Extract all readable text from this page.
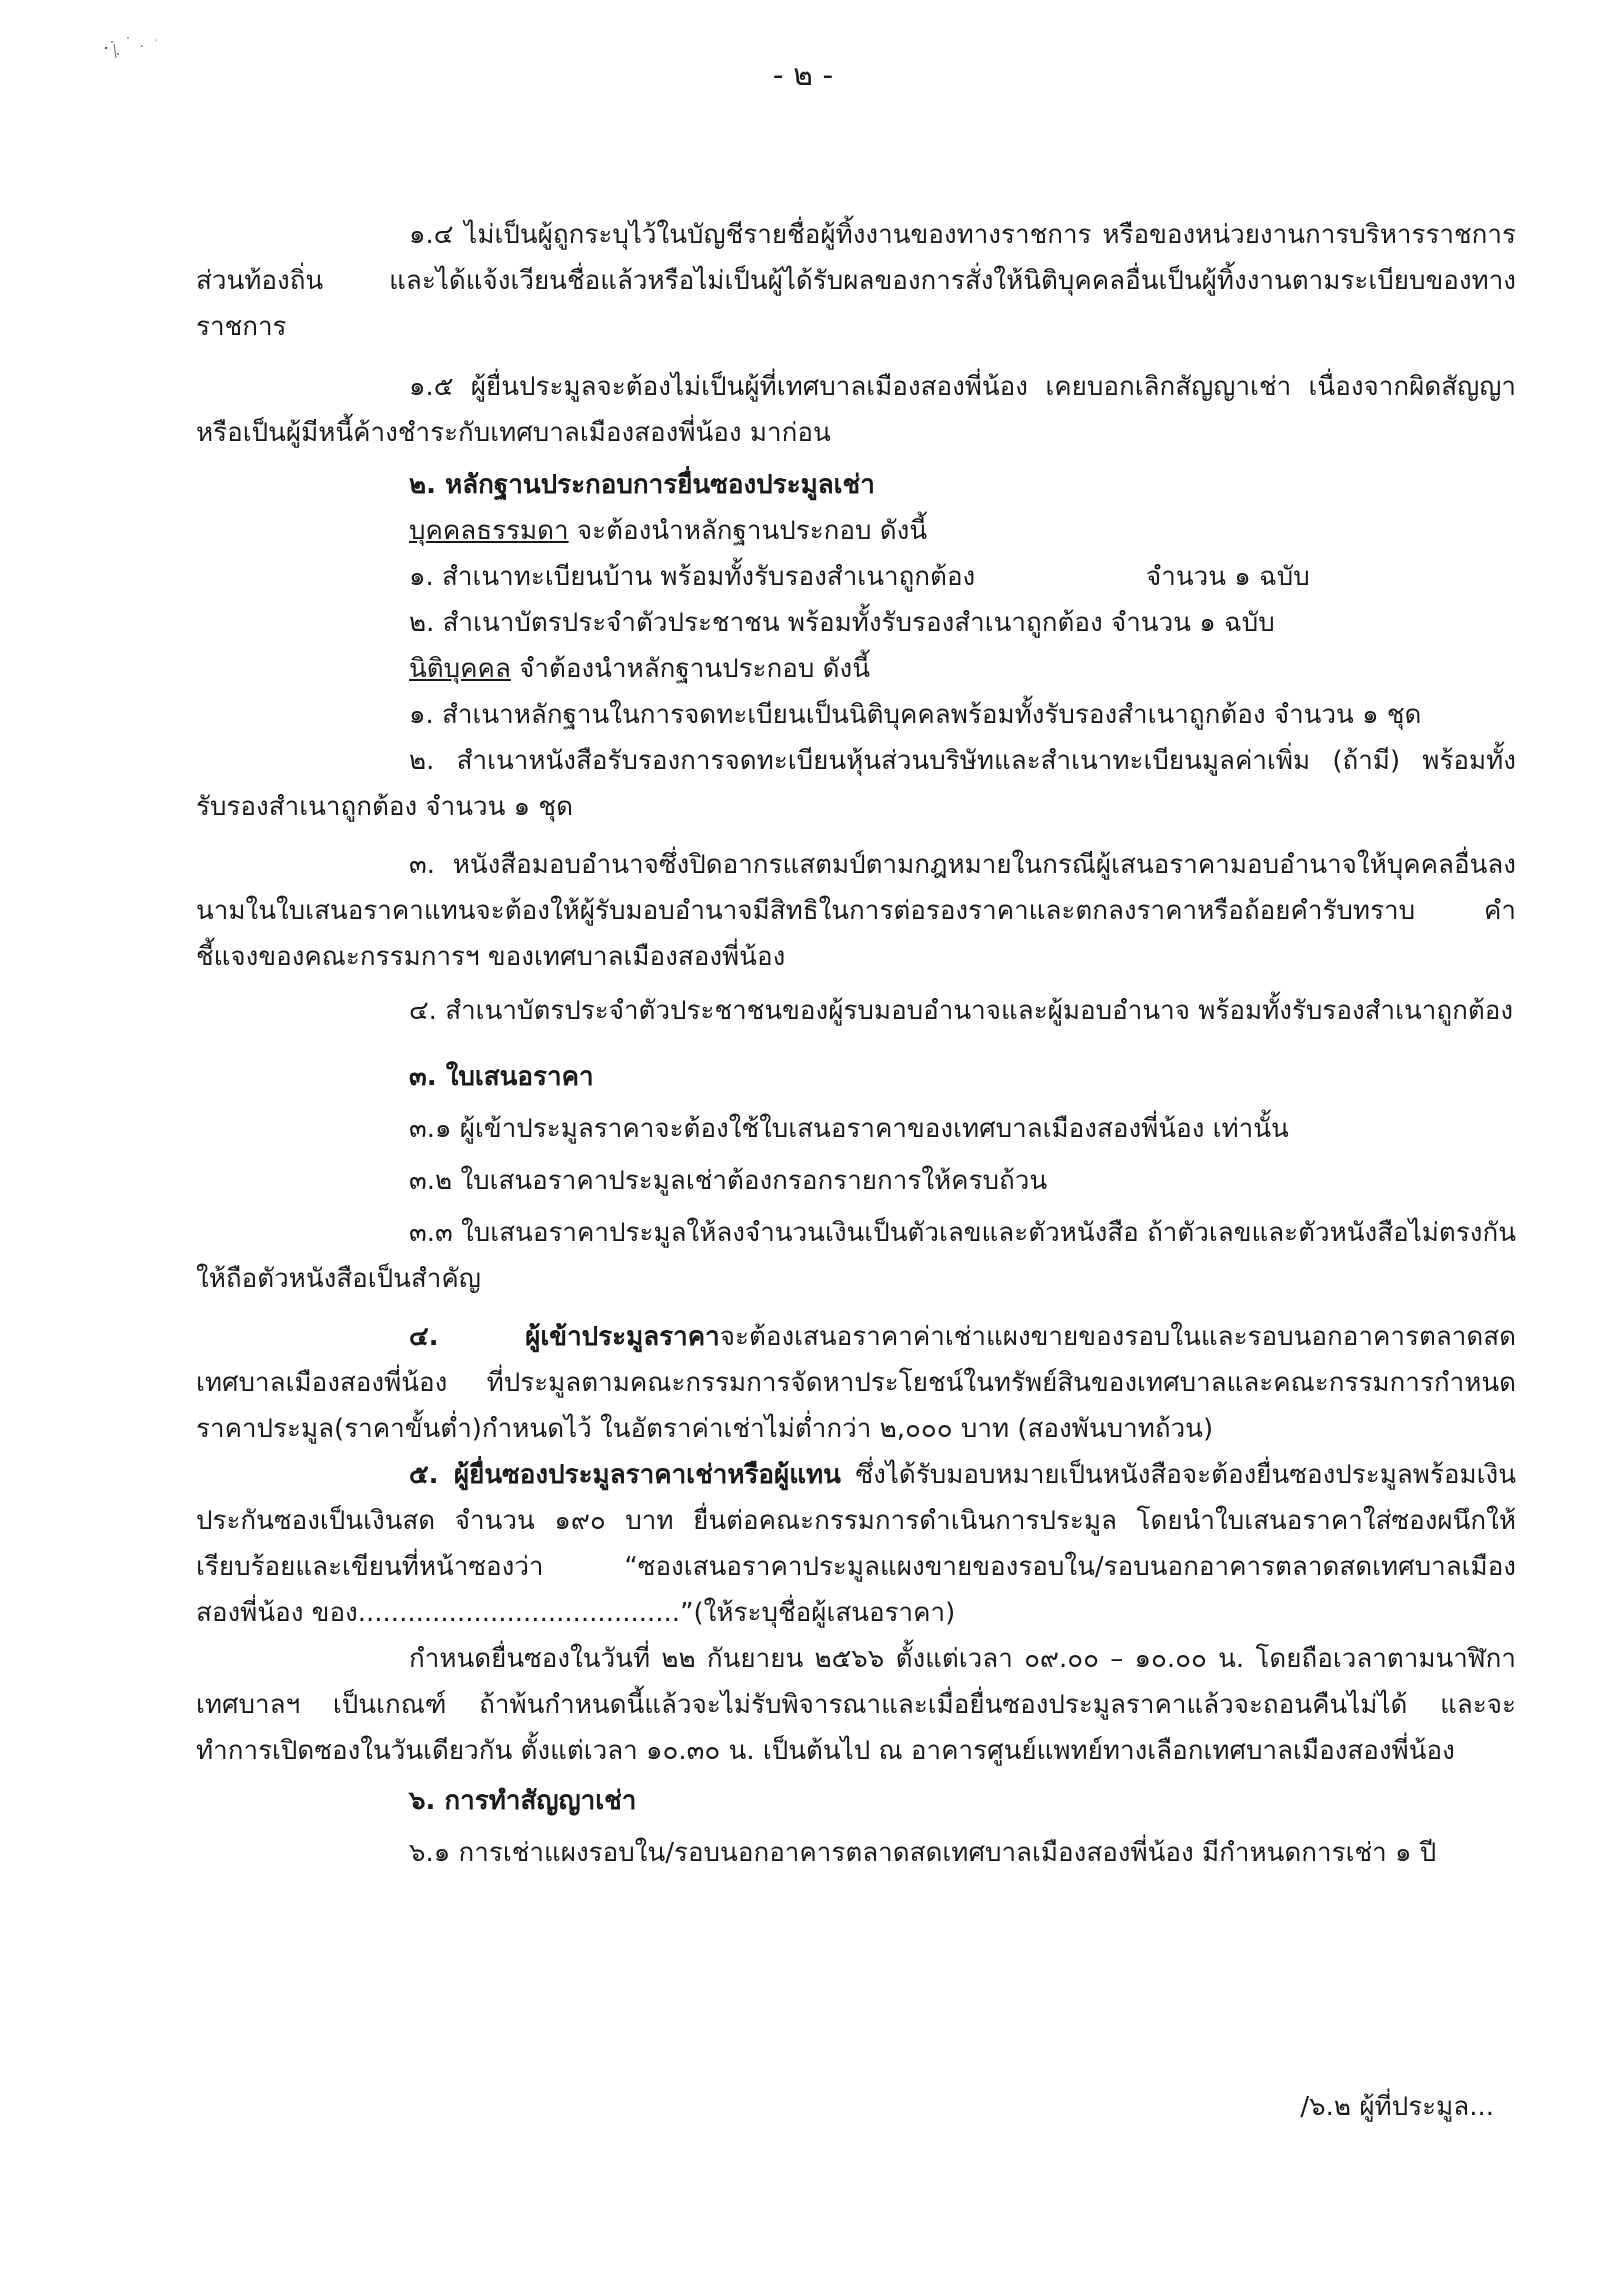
- ๒ -

๑.๔ ไม่เป็นผู้ถูกระบุไว้ในบัญชีรายชื่อผู้ทิ้งงานของทางราชการ หรือของหน่วยงานการบริหารราชการส่วนท้องถิ่น และได้แจ้งเวียนชื่อแล้วหรือไม่เป็นผู้ได้รับผลของการสั่งให้นิติบุคคลอื่นเป็นผู้ทิ้งงานตามระเบียบของทางราชการ

๑.๕ ผู้ยื่นประมูลจะต้องไม่เป็นผู้ที่เทศบาลเมืองสองพี่น้อง เคยบอกเลิกสัญญาเช่า เนื่องจากผิดสัญญาหรือเป็นผู้มีหนี้ค้างชำระกับเทศบาลเมืองสองพี่น้อง มาก่อน

๒. หลักฐานประกอบการยื่นซองประมูลเช่า

บุคคลธรรมดา จะต้องนำหลักฐานประกอบ ดังนี้

๑. สำเนาทะเบียนบ้าน พร้อมทั้งรับรองสำเนาถูกต้อง	จำนวน ๑ ฉบับ

๒. สำเนาบัตรประจำตัวประชาชน พร้อมทั้งรับรองสำเนาถูกต้อง จำนวน ๑ ฉบับ

นิติบุคคล จำต้องนำหลักฐานประกอบ ดังนี้

๑. สำเนาหลักฐานในการจดทะเบียนเป็นนิติบุคคลพร้อมทั้งรับรองสำเนาถูกต้อง จำนวน ๑ ชุด

๒. สำเนาหนังสือรับรองการจดทะเบียนหุ้นส่วนบริษัทและสำเนาทะเบียนมูลค่าเพิ่ม (ถ้ามี) พร้อมทั้งรับรองสำเนาถูกต้อง จำนวน ๑ ชุด

๓. หนังสือมอบอำนาจซึ่งปิดอากรแสตมป์ตามกฎหมายในกรณีผู้เสนอราคามอบอำนาจให้บุคคลอื่นลงนามในใบเสนอราคาแทนจะต้องให้ผู้รับมอบอำนาจมีสิทธิในการต่อรองราคาและตกลงราคาหรือถ้อยคำรับทราบ คำชี้แจงของคณะกรรมการฯ ของเทศบาลเมืองสองพี่น้อง

๔. สำเนาบัตรประจำตัวประชาชนของผู้รบมอบอำนาจและผู้มอบอำนาจ พร้อมทั้งรับรองสำเนาถูกต้อง

๓. ใบเสนอราคา

๓.๑ ผู้เข้าประมูลราคาจะต้องใช้ใบเสนอราคาของเทศบาลเมืองสองพี่น้อง เท่านั้น

๓.๒ ใบเสนอราคาประมูลเช่าต้องกรอกรายการให้ครบถ้วน

๓.๓ ใบเสนอราคาประมูลให้ลงจำนวนเงินเป็นตัวเลขและตัวหนังสือ ถ้าตัวเลขและตัวหนังสือไม่ตรงกันให้ถือตัวหนังสือเป็นสำคัญ

๔. ผู้เข้าประมูลราคาจะต้องเสนอราคาค่าเช่าแผงขายของรอบในและรอบนอกอาคารตลาดสดเทศบาลเมืองสองพี่น้อง ที่ประมูลตามคณะกรรมการจัดหาประโยชน์ในทรัพย์สินของเทศบาลและคณะกรรมการกำหนดราคาประมูล(ราคาขั้นต่ำ)กำหนดไว้ ในอัตราค่าเช่าไม่ต่ำกว่า ๒,๐๐๐ บาท (สองพันบาทถ้วน)

๕. ผู้ยื่นซองประมูลราคาเช่าหรือผู้แทน ซึ่งได้รับมอบหมายเป็นหนังสือจะต้องยื่นซองประมูลพร้อมเงินประกันซองเป็นเงินสด จำนวน ๑๙๐ บาท ยื่นต่อคณะกรรมการดำเนินการประมูล โดยนำใบเสนอราคาใส่ซองผนึกให้เรียบร้อยและเขียนที่หน้าซองว่า “ซองเสนอราคาประมูลแผงขายของรอบใน/รอบนอกอาคารตลาดสดเทศบาลเมืองสองพี่น้อง ของ.......................................”(ให้ระบุชื่อผู้เสนอราคา)

กำหนดยื่นซองในวันที่ ๒๒ กันยายน ๒๕๖๖ ตั้งแต่เวลา ๐๙.๐๐ – ๑๐.๐๐ น. โดยถือเวลาตามนาฬิกาเทศบาลฯ เป็นเกณฑ์ ถ้าพ้นกำหนดนี้แล้วจะไม่รับพิจารณาและเมื่อยื่นซองประมูลราคาแล้วจะถอนคืนไม่ได้ และจะทำการเปิดซองในวันเดียวกัน ตั้งแต่เวลา ๑๐.๓๐ น. เป็นต้นไป ณ อาคารศูนย์แพทย์ทางเลือกเทศบาลเมืองสองพี่น้อง

๖. การทำสัญญาเช่า

๖.๑ การเช่าแผงรอบใน/รอบนอกอาคารตลาดสดเทศบาลเมืองสองพี่น้อง มีกำหนดการเช่า ๑ ปี

/๖.๒ ผู้ที่ประมูล...
